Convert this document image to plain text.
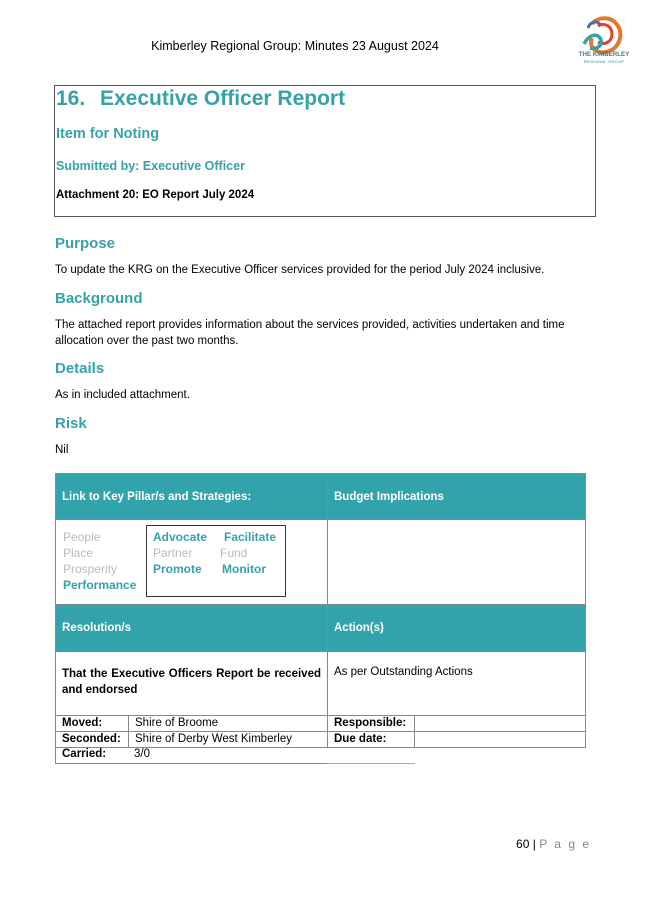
Kimberley Regional Group: Minutes 23 August 2024
THE KIMBERLEY
REGIONAL GROUP
16. Executive Officer Report
Item for Noting
Submitted by: Executive Officer
Attachment 20: EO Report July 2024
Purpose
To update the KRG on the Executive Officer services provided for the period July 2024 inclusive.
Background
The attached report provides information about the services provided, activities undertaken and time allocation over the past two months.
Details
As in included attachment.
Risk
Nil
Link to Key Pillar/s and Strategies:	Budget Implications
People
Place
Prosperity
Performance
Advocate Facilitate
Partner Fund
Promote Monitor
Resolution/s	Action(s)
That the Executive Officers Report be received and endorsed
As per Outstanding Actions
Moved:	Shire of Broome	Responsible:
Seconded:	Shire of Derby West Kimberley	Due date:
Carried:	3/0
60 | P a g e
